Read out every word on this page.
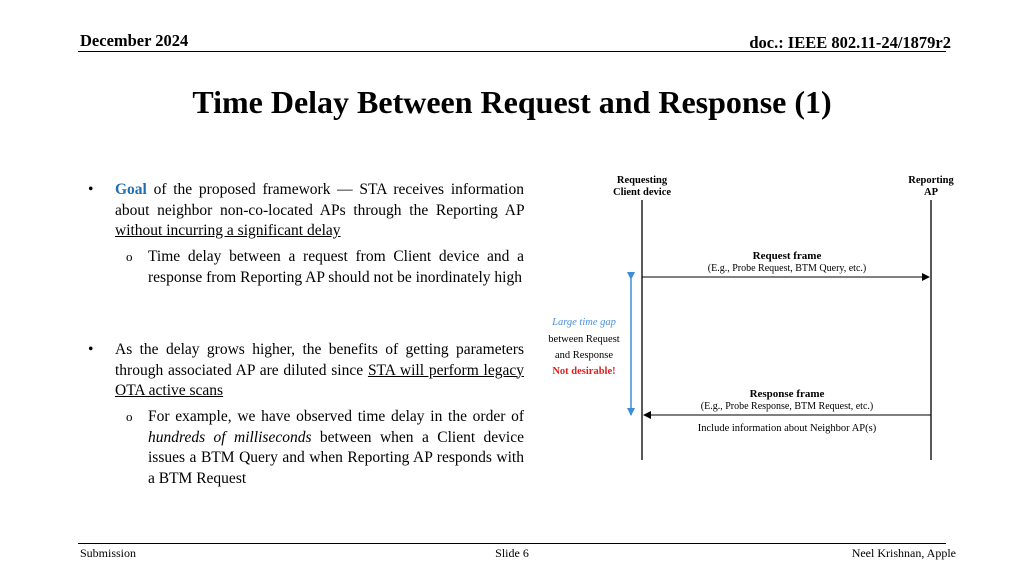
December 2024	doc.: IEEE 802.11-24/1879r2
Time Delay Between Request and Response (1)
• Goal of the proposed framework — STA receives information about neighbor non-co-located APs through the Reporting AP without incurring a significant delay
o Time delay between a request from Client device and a response from Reporting AP should not be inordinately high
• As the delay grows higher, the benefits of getting parameters through associated AP are diluted since STA will perform legacy OTA active scans
o For example, we have observed time delay in the order of hundreds of milliseconds between when a Client device issues a BTM Query and when Reporting AP responds with a BTM Request
Requesting
Client device
Reporting
AP
Request frame
(E.g., Probe Request, BTM Query, etc.)
Large time gap
between Request
and Response
Not desirable!
Response frame
(E.g., Probe Response, BTM Request, etc.)
Include information about Neighbor AP(s)
Submission	Slide 6	Neel Krishnan, Apple
